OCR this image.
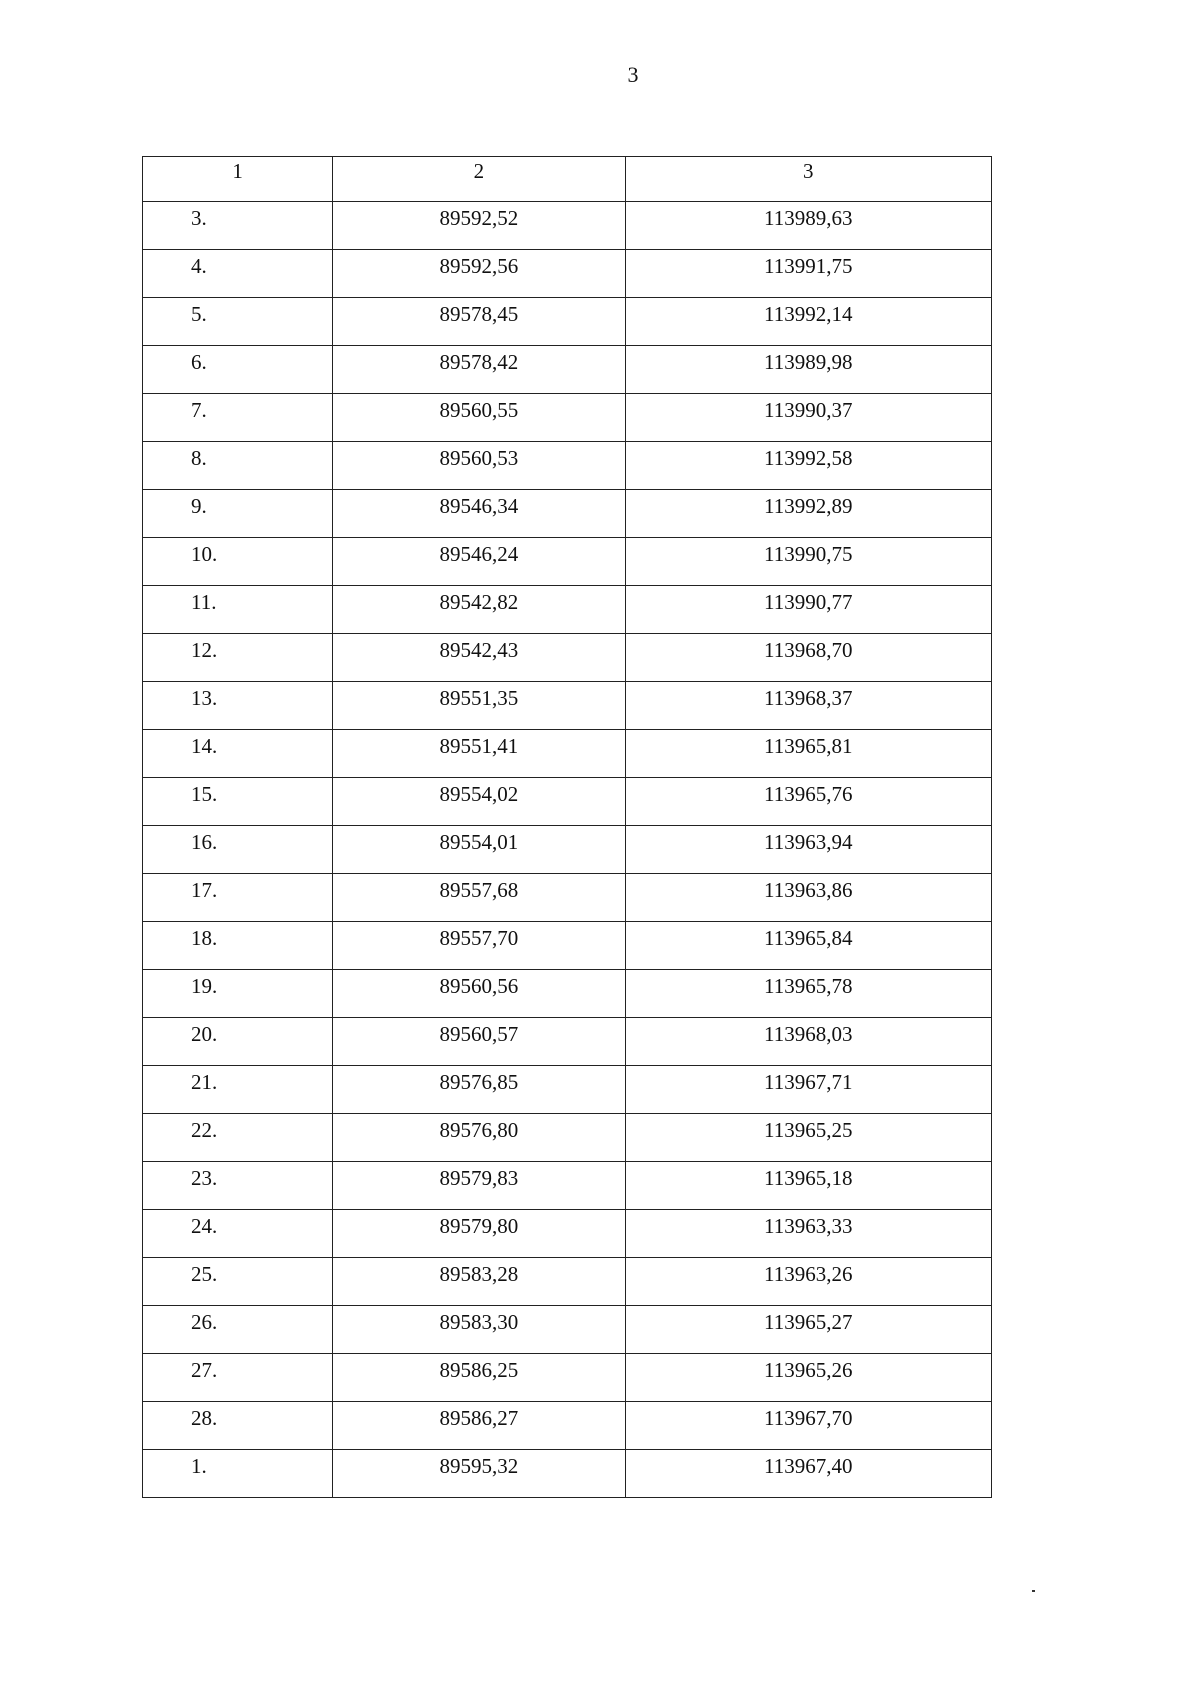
3
1	2	3
3.	89592,52	113989,63
4.	89592,56	113991,75
5.	89578,45	113992,14
6.	89578,42	113989,98
7.	89560,55	113990,37
8.	89560,53	113992,58
9.	89546,34	113992,89
10.	89546,24	113990,75
11.	89542,82	113990,77
12.	89542,43	113968,70
13.	89551,35	113968,37
14.	89551,41	113965,81
15.	89554,02	113965,76
16.	89554,01	113963,94
17.	89557,68	113963,86
18.	89557,70	113965,84
19.	89560,56	113965,78
20.	89560,57	113968,03
21.	89576,85	113967,71
22.	89576,80	113965,25
23.	89579,83	113965,18
24.	89579,80	113963,33
25.	89583,28	113963,26
26.	89583,30	113965,27
27.	89586,25	113965,26
28.	89586,27	113967,70
1.	89595,32	113967,40
